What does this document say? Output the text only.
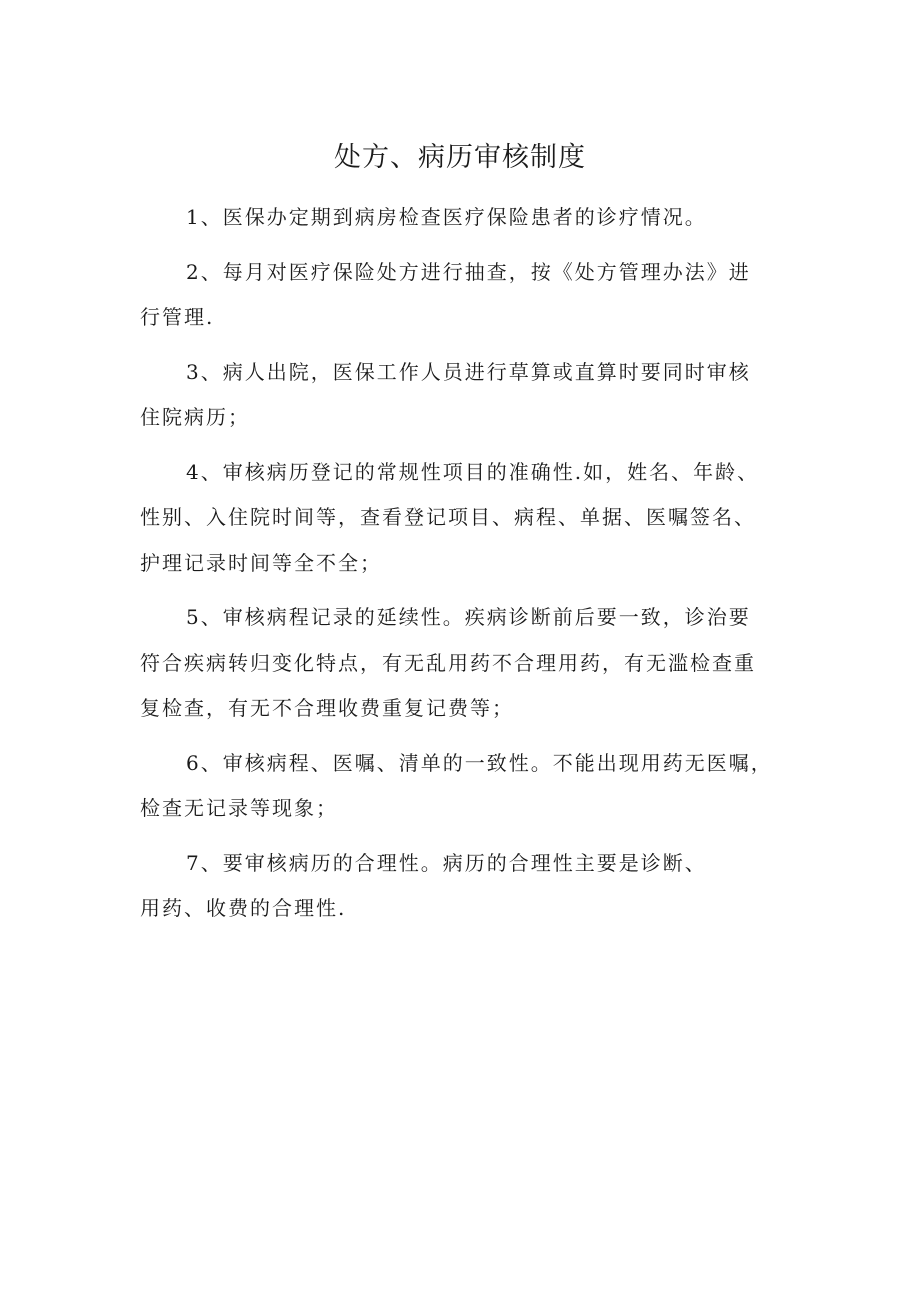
处方、病历审核制度

1、医保办定期到病房检查医疗保险患者的诊疗情况。

2、每月对医疗保险处方进行抽查，按《处方管理办法》进
行管理.

3、病人出院，医保工作人员进行草算或直算时要同时审核
住院病历；

4、审核病历登记的常规性项目的准确性.如，姓名、年龄、
性别、入住院时间等，查看登记项目、病程、单据、医嘱签名、
护理记录时间等全不全；

5、审核病程记录的延续性。疾病诊断前后要一致，诊治要
符合疾病转归变化特点，有无乱用药不合理用药，有无滥检查重
复检查，有无不合理收费重复记费等；

6、审核病程、医嘱、清单的一致性。不能出现用药无医嘱，
检查无记录等现象；

7、要审核病历的合理性。病历的合理性主要是诊断、
用药、收费的合理性.
